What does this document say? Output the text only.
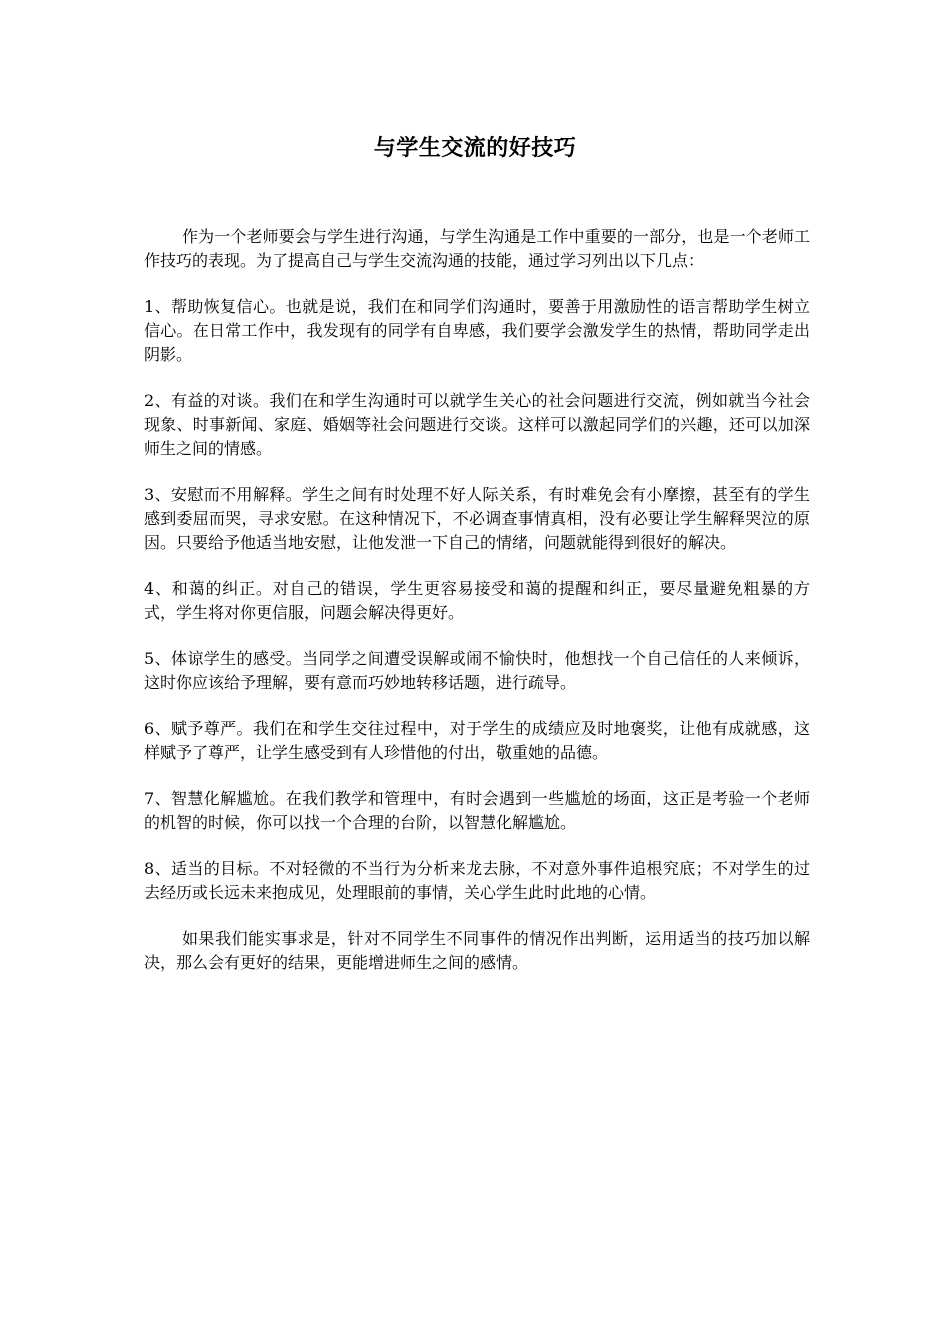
与学生交流的好技巧

作为一个老师要会与学生进行沟通，与学生沟通是工作中重要的一部分，也是一个老师工作技巧的表现。为了提高自己与学生交流沟通的技能，通过学习列出以下几点：

1、帮助恢复信心。也就是说，我们在和同学们沟通时，要善于用激励性的语言帮助学生树立信心。在日常工作中，我发现有的同学有自卑感，我们要学会激发学生的热情，帮助同学走出阴影。

2、有益的对谈。我们在和学生沟通时可以就学生关心的社会问题进行交流，例如就当今社会现象、时事新闻、家庭、婚姻等社会问题进行交谈。这样可以激起同学们的兴趣，还可以加深师生之间的情感。

3、安慰而不用解释。学生之间有时处理不好人际关系，有时难免会有小摩擦，甚至有的学生感到委屈而哭，寻求安慰。在这种情况下，不必调查事情真相，没有必要让学生解释哭泣的原因。只要给予他适当地安慰，让他发泄一下自己的情绪，问题就能得到很好的解决。

4、和蔼的纠正。对自己的错误，学生更容易接受和蔼的提醒和纠正，要尽量避免粗暴的方式，学生将对你更信服，问题会解决得更好。

5、体谅学生的感受。当同学之间遭受误解或闹不愉快时，他想找一个自己信任的人来倾诉，这时你应该给予理解，要有意而巧妙地转移话题，进行疏导。

6、赋予尊严。我们在和学生交往过程中，对于学生的成绩应及时地褒奖，让他有成就感，这样赋予了尊严，让学生感受到有人珍惜他的付出，敬重她的品德。

7、智慧化解尴尬。在我们教学和管理中，有时会遇到一些尴尬的场面，这正是考验一个老师的机智的时候，你可以找一个合理的台阶，以智慧化解尴尬。

8、适当的目标。不对轻微的不当行为分析来龙去脉，不对意外事件追根究底；不对学生的过去经历或长远未来抱成见，处理眼前的事情，关心学生此时此地的心情。

如果我们能实事求是，针对不同学生不同事件的情况作出判断，运用适当的技巧加以解决，那么会有更好的结果，更能增进师生之间的感情。
